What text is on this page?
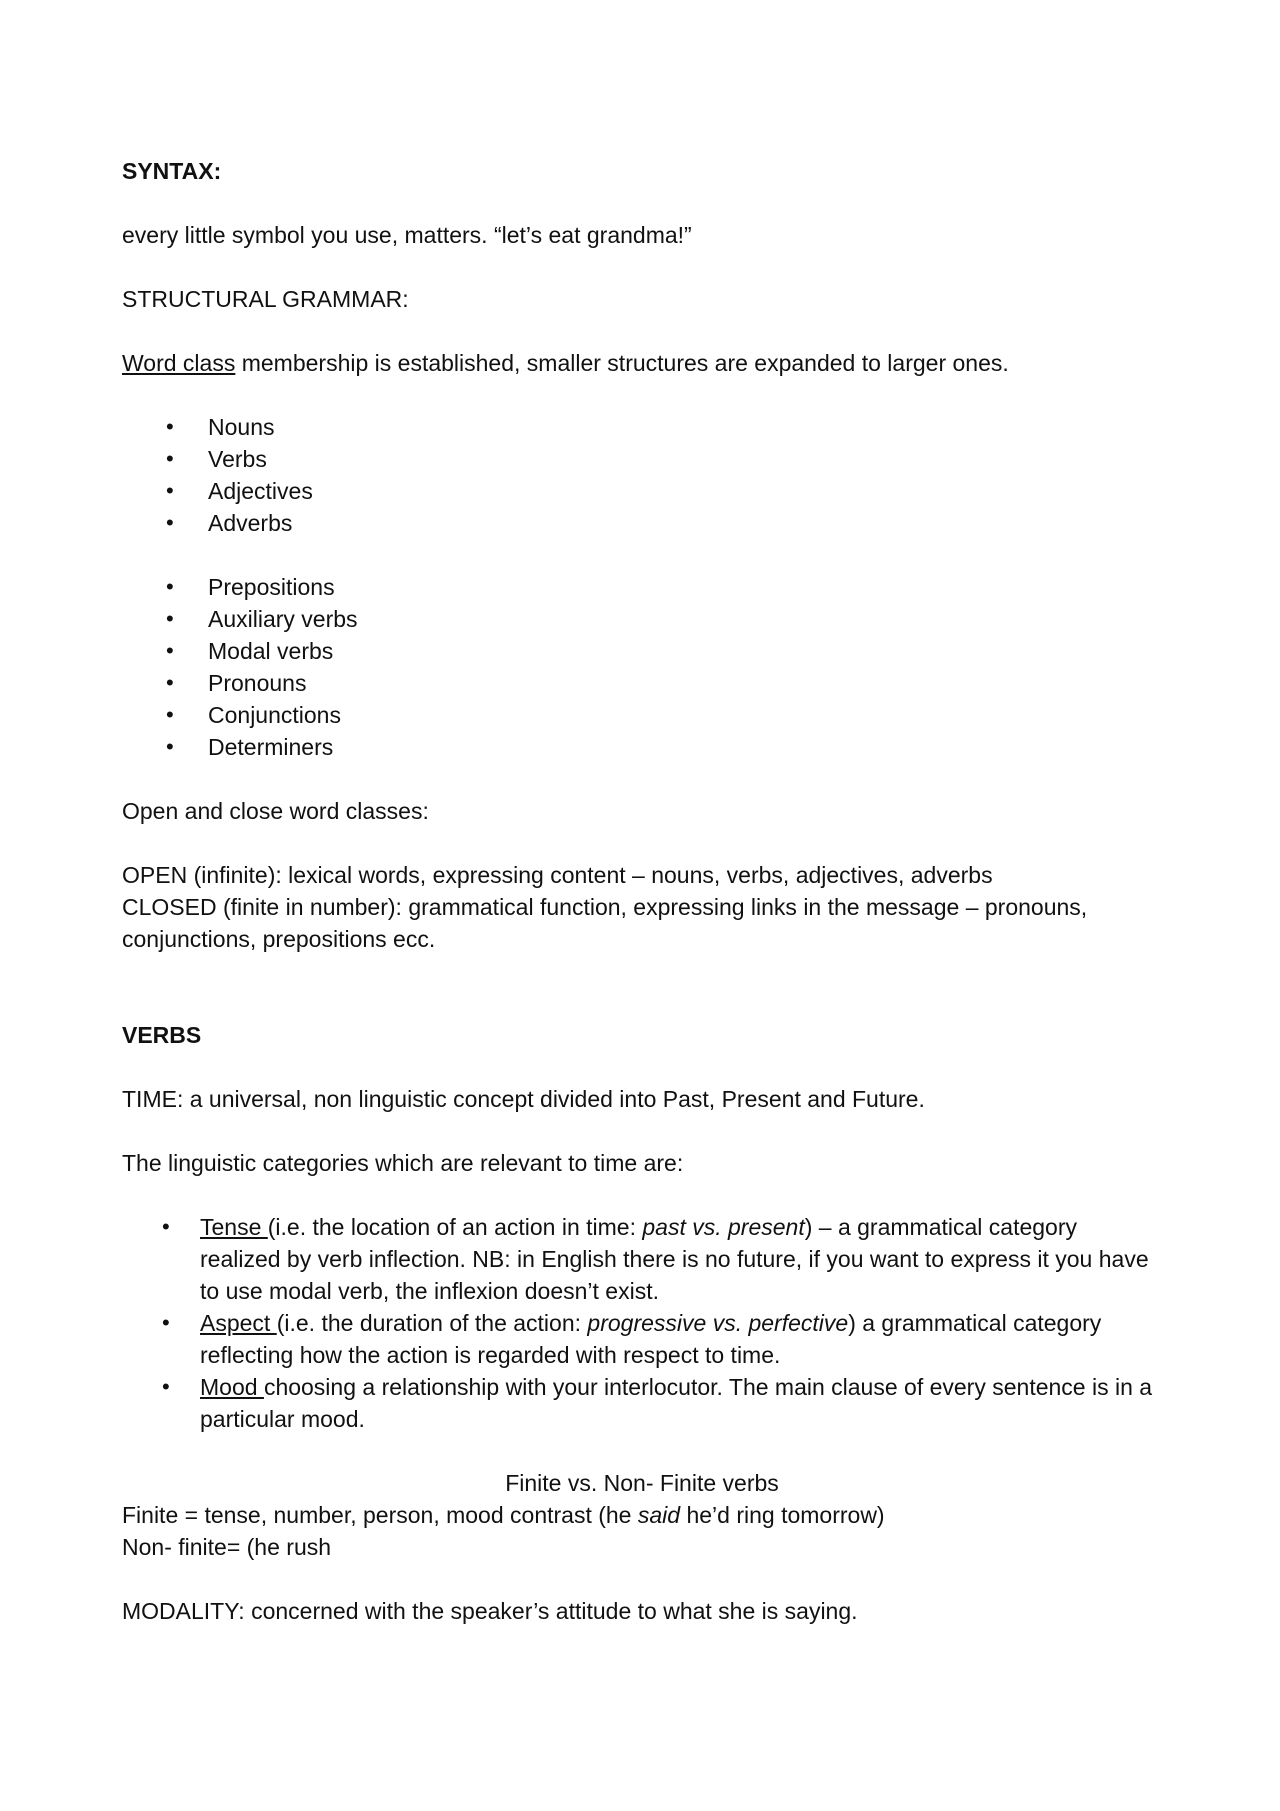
SYNTAX:

every little symbol you use, matters. “let’s eat grandma!”

STRUCTURAL GRAMMAR:

Word class membership is established, smaller structures are expanded to larger ones.

• Nouns
• Verbs
• Adjectives
• Adverbs
• Prepositions
• Auxiliary verbs
• Modal verbs
• Pronouns
• Conjunctions
• Determiners

Open and close word classes:

OPEN (infinite): lexical words, expressing content – nouns, verbs, adjectives, adverbs

CLOSED (finite in number): grammatical function, expressing links in the message – pronouns, conjunctions, prepositions ecc.

VERBS

TIME: a universal, non linguistic concept divided into Past, Present and Future.

The linguistic categories which are relevant to time are:

• Tense (i.e. the location of an action in time: past vs. present) – a grammatical category realized by verb inflection. NB: in English there is no future, if you want to express it you have to use modal verb, the inflexion doesn’t exist.
• Aspect (i.e. the duration of the action: progressive vs. perfective) a grammatical category reflecting how the action is regarded with respect to time.
• Mood choosing a relationship with your interlocutor. The main clause of every sentence is in a particular mood.

Finite vs. Non- Finite verbs

Finite = tense, number, person, mood contrast (he said he’d ring tomorrow)

Non- finite= (he rush

MODALITY: concerned with the speaker’s attitude to what she is saying.
